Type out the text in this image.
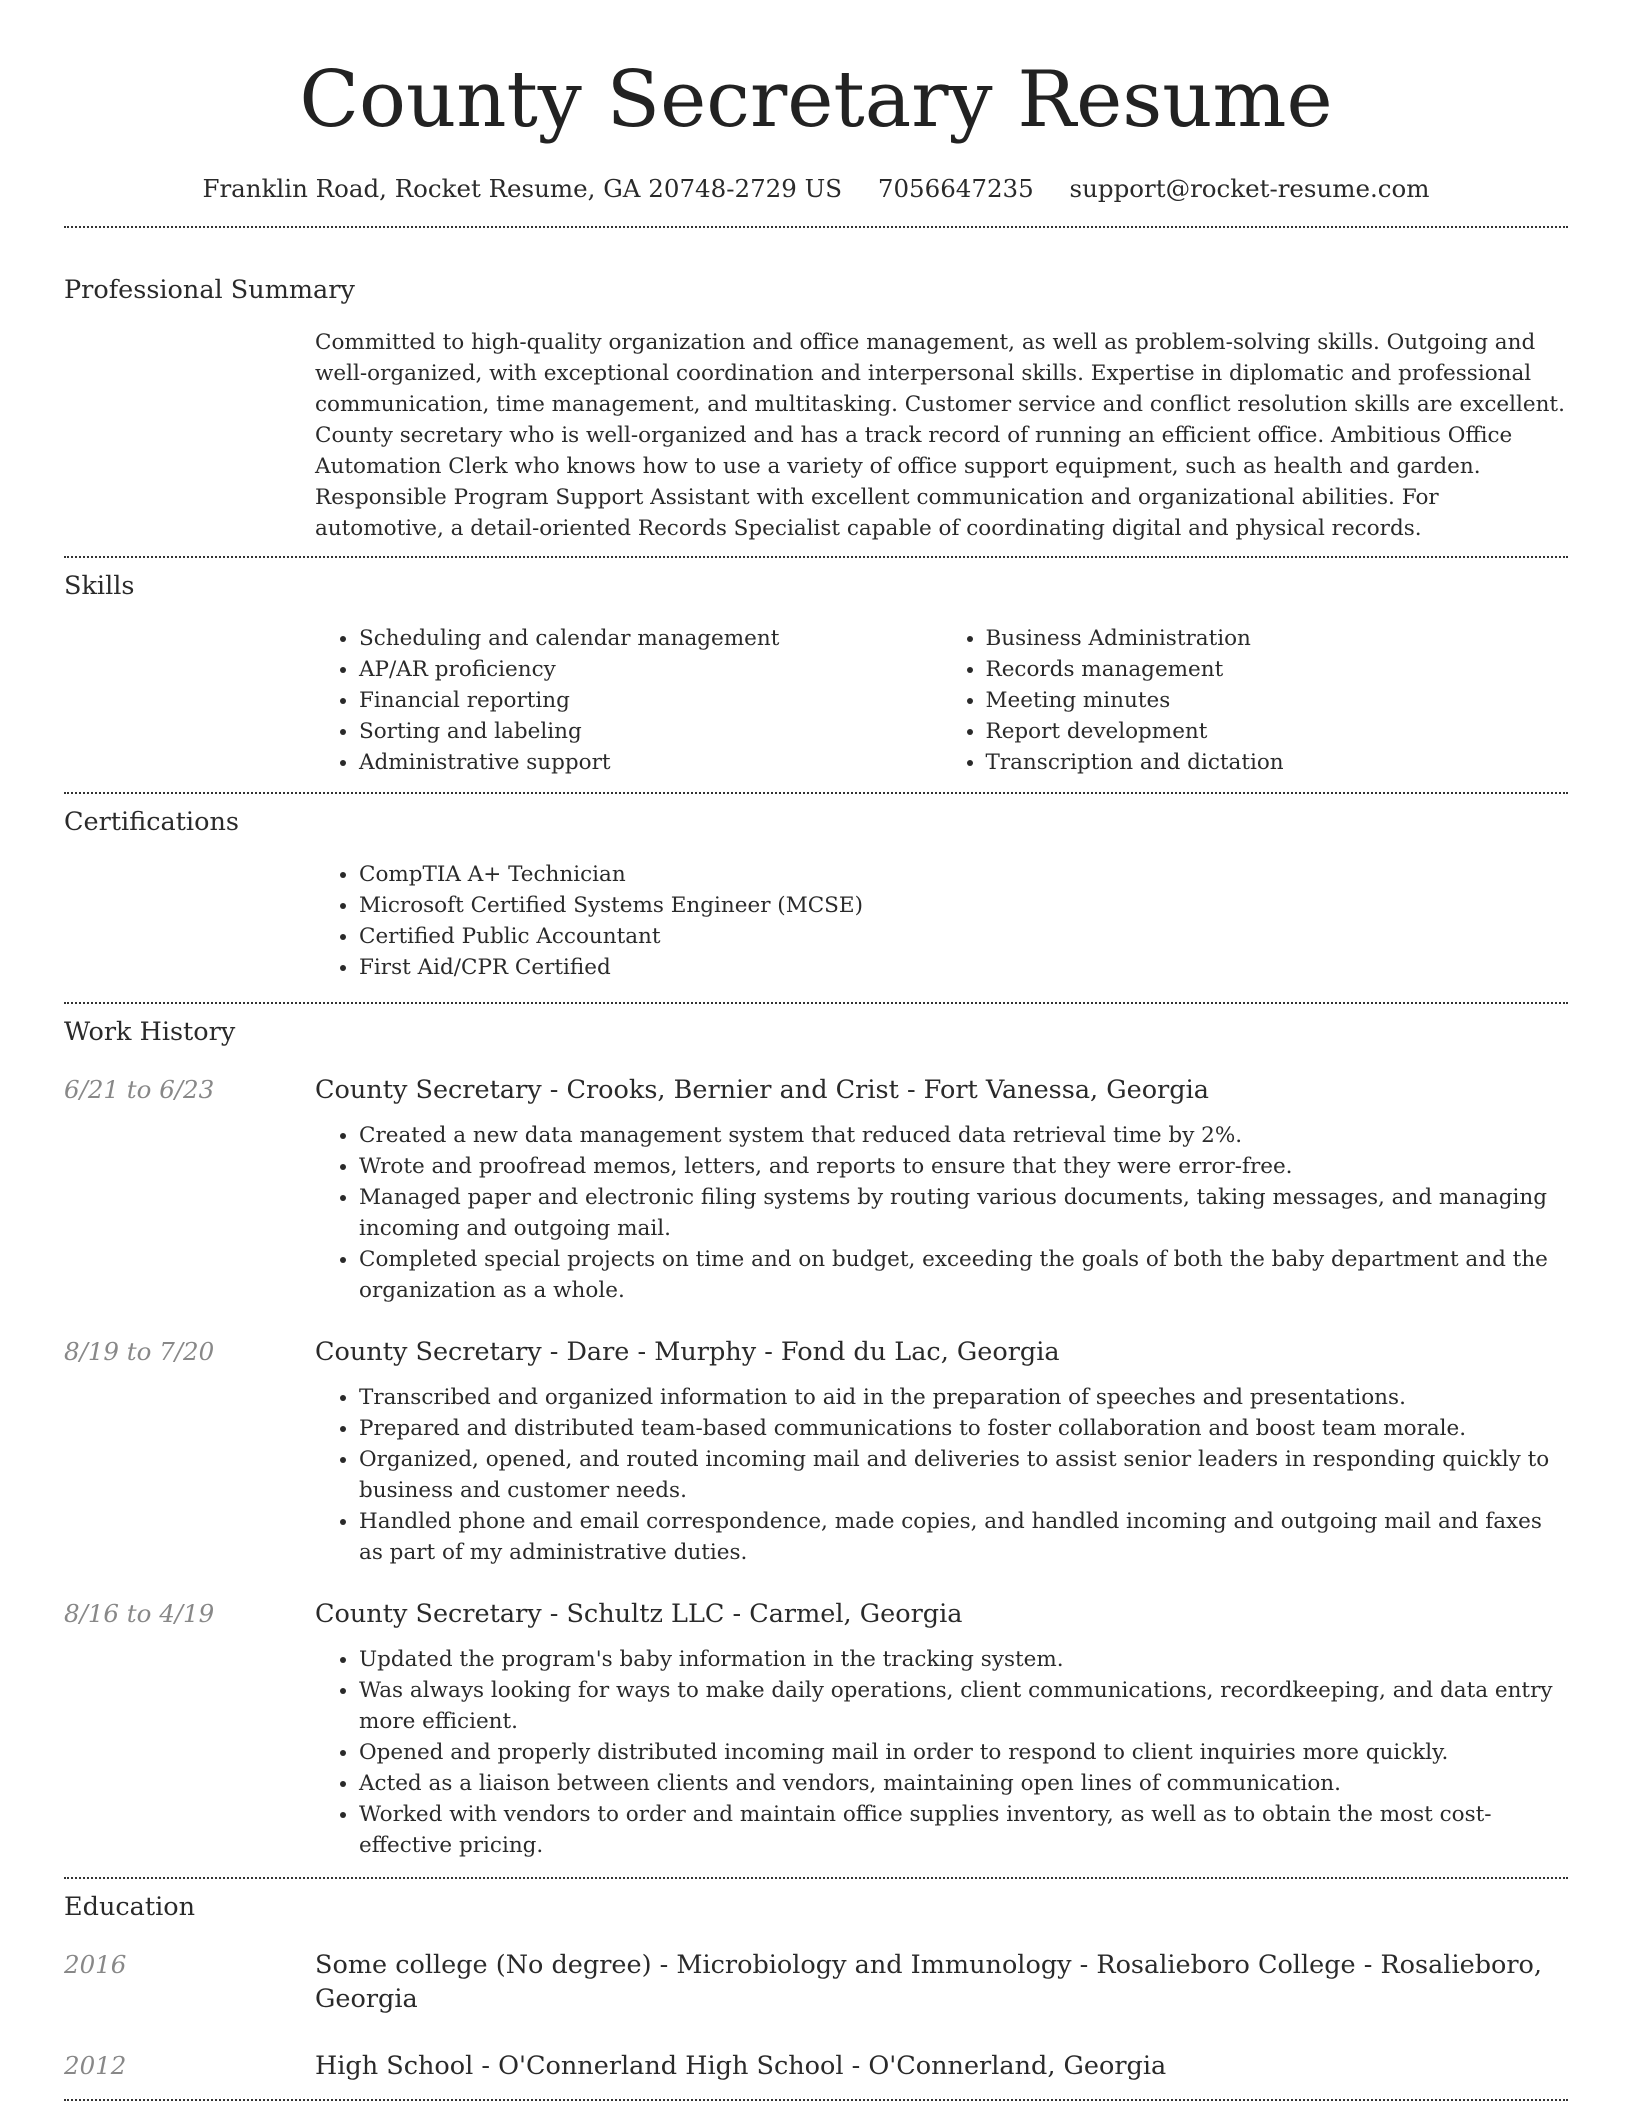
County Secretary Resume
Franklin Road, Rocket Resume, GA 20748-2729 US 7056647235 support@rocket-resume.com
Professional Summary

Committed to high-quality organization and office management, as well as problem-solving skills. Outgoing and well-organized, with exceptional coordination and interpersonal skills. Expertise in diplomatic and professional communication, time management, and multitasking. Customer service and conflict resolution skills are excellent. County secretary who is well-organized and has a track record of running an efficient office. Ambitious Office Automation Clerk who knows how to use a variety of office support equipment, such as health and garden. Responsible Program Support Assistant with excellent communication and organizational abilities. For automotive, a detail-oriented Records Specialist capable of coordinating digital and physical records.

Skills
• Scheduling and calendar management
• AP/AR proficiency
• Financial reporting
• Sorting and labeling
• Administrative support
• Business Administration
• Records management
• Meeting minutes
• Report development
• Transcription and dictation
Certifications
• CompTIA A+ Technician
• Microsoft Certified Systems Engineer (MCSE)
• Certified Public Accountant
• First Aid/CPR Certified
Work History
6/21 to 6/23	County Secretary - Crooks, Bernier and Crist - Fort Vanessa, Georgia
• Created a new data management system that reduced data retrieval time by 2%.
• Wrote and proofread memos, letters, and reports to ensure that they were error-free.
• Managed paper and electronic filing systems by routing various documents, taking messages, and managing incoming and outgoing mail.
• Completed special projects on time and on budget, exceeding the goals of both the baby department and the organization as a whole.
8/19 to 7/20	County Secretary - Dare - Murphy - Fond du Lac, Georgia
• Transcribed and organized information to aid in the preparation of speeches and presentations.
• Prepared and distributed team-based communications to foster collaboration and boost team morale.
• Organized, opened, and routed incoming mail and deliveries to assist senior leaders in responding quickly to business and customer needs.
• Handled phone and email correspondence, made copies, and handled incoming and outgoing mail and faxes as part of my administrative duties.
8/16 to 4/19	County Secretary - Schultz LLC - Carmel, Georgia
• Updated the program's baby information in the tracking system.
• Was always looking for ways to make daily operations, client communications, recordkeeping, and data entry more efficient.
• Opened and properly distributed incoming mail in order to respond to client inquiries more quickly.
• Acted as a liaison between clients and vendors, maintaining open lines of communication.
• Worked with vendors to order and maintain office supplies inventory, as well as to obtain the most cost-effective pricing.
Education
2016	Some college (No degree) - Microbiology and Immunology - Rosalieboro College - Rosalieboro, Georgia
2012	High School - O'Connerland High School - O'Connerland, Georgia
